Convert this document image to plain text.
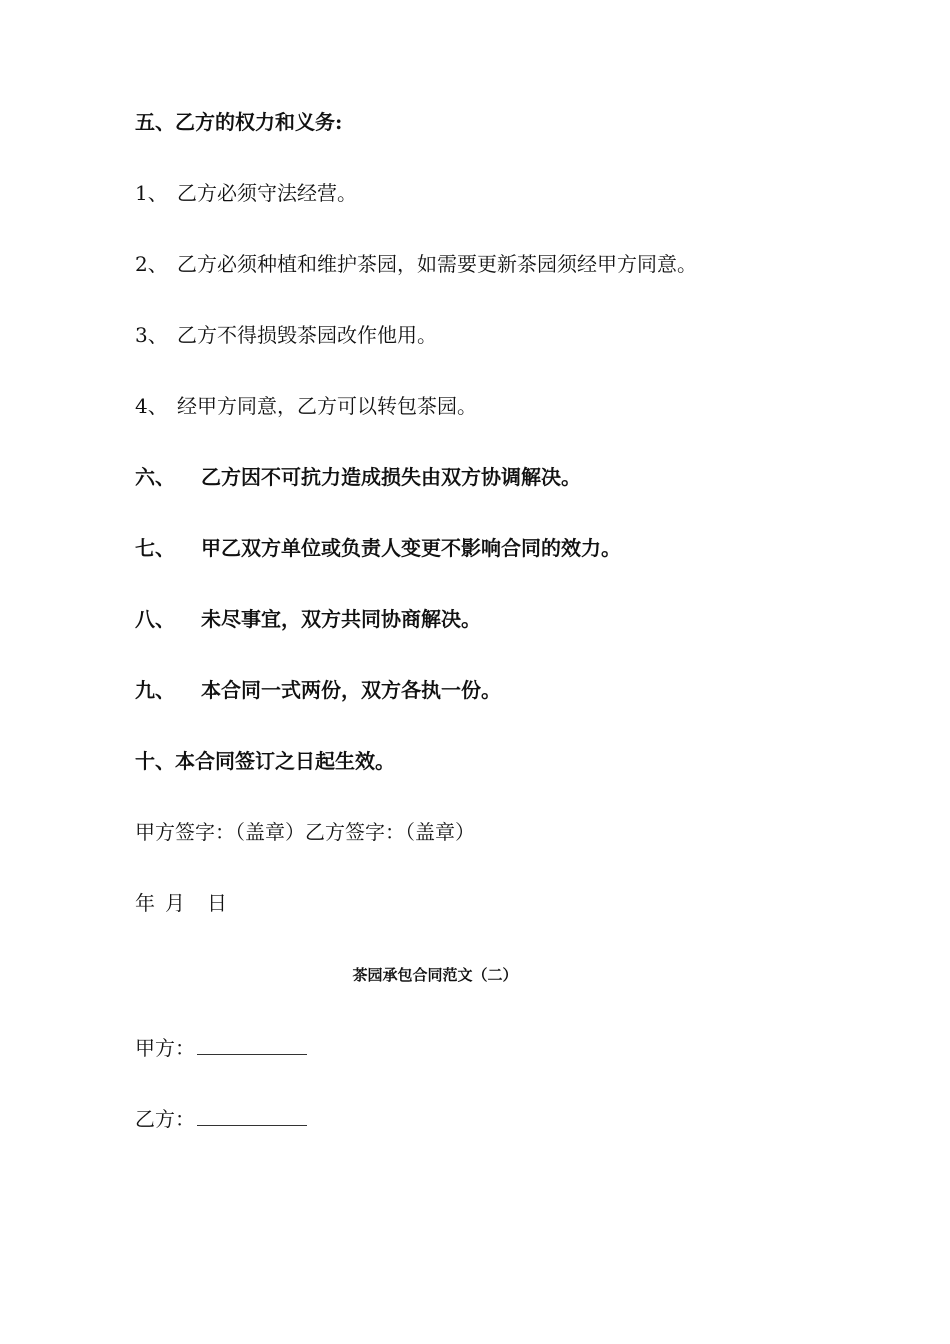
五、乙方的权力和义务:
1、 乙方必须守法经营。
2、 乙方必须种植和维护茶园，如需要更新茶园须经甲方同意。
3、 乙方不得损毁茶园改作他用。
4、 经甲方同意，乙方可以转包茶园。
六、 乙方因不可抗力造成损失由双方协调解决。
七、 甲乙双方单位或负责人变更不影响合同的效力。
八、 未尽事宜，双方共同协商解决。
九、 本合同一式两份，双方各执一份。
十、本合同签订之日起生效。
甲方签字：（盖章）乙方签字：（盖章）
年 月 日
茶园承包合同范文（二）
甲方：
乙方：
